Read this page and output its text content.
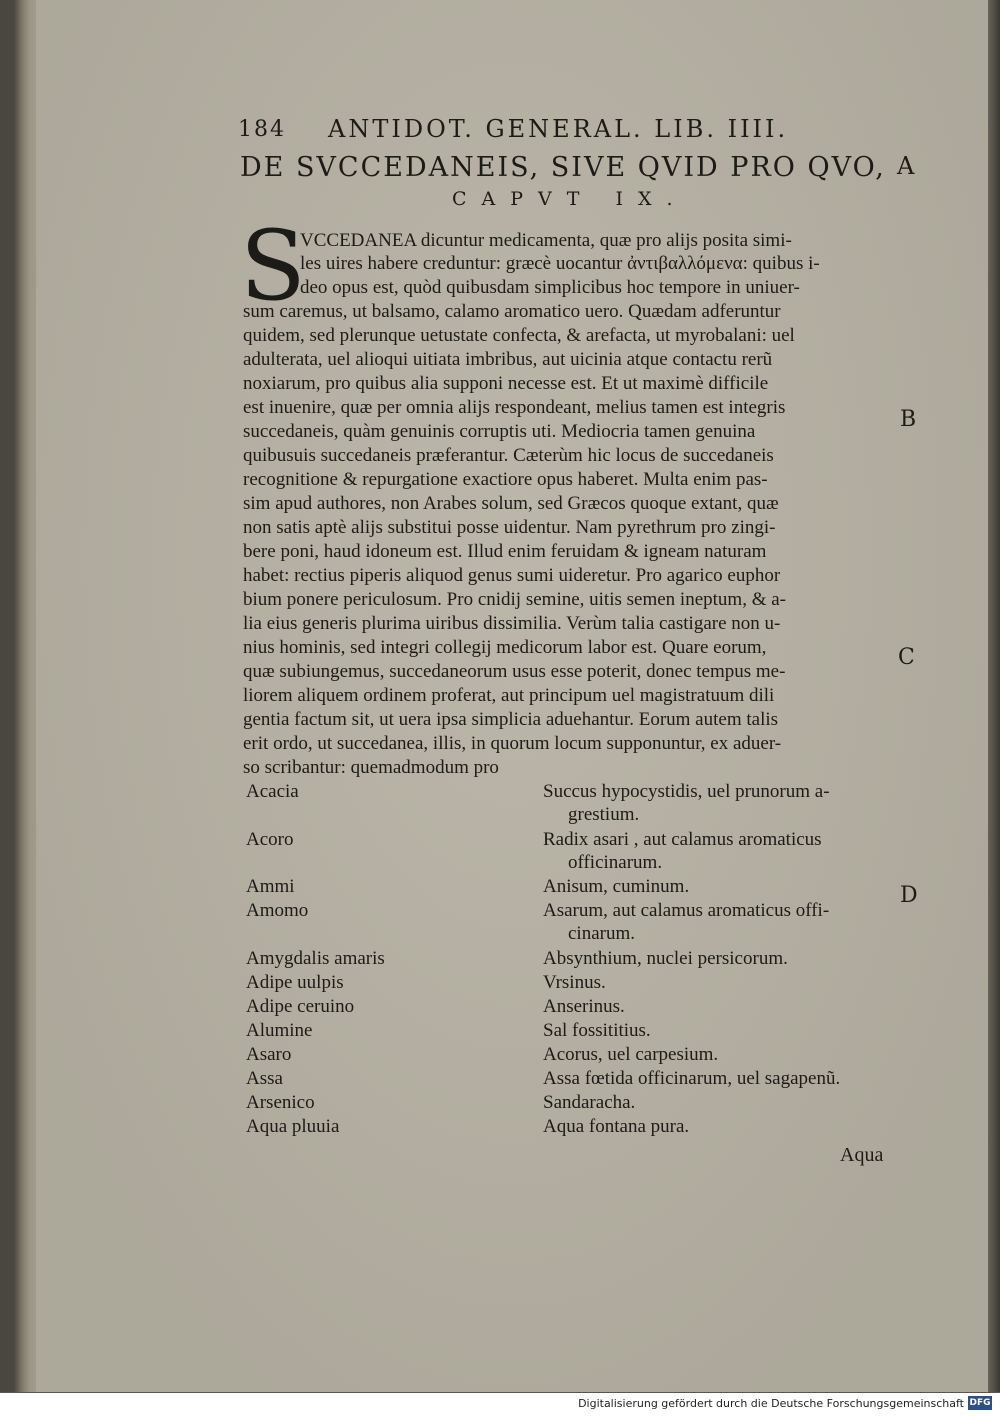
184 ANTIDOT. GENERAL. LIB. IIII.
DE SVCCEDANEIS, SIVE QVID PRO QVO, A
CAPVT IX.
S
VCCEDANEA dicuntur medicamenta, quæ pro alijs posita simi-
les uires habere creduntur: græcè uocantur ἀντιβαλλόμενα: quibus i-
deo opus est, quòd quibusdam simplicibus hoc tempore in uniuer-
sum caremus, ut balsamo, calamo aromatico uero. Quædam adferuntur
quidem, sed plerunque uetustate confecta, & arefacta, ut myrobalani: uel
adulterata, uel alioqui uitiata imbribus, aut uicinia atque contactu rerũ
noxiarum, pro quibus alia supponi necesse est. Et ut maximè difficile
est inuenire, quæ per omnia alijs respondeant, melius tamen est integris
succedaneis, quàm genuinis corruptis uti. Mediocria tamen genuina
quibusuis succedaneis præferantur. Cæterùm hic locus de succedaneis
recognitione & repurgatione exactiore opus haberet. Multa enim pas-
sim apud authores, non Arabes solum, sed Græcos quoque extant, quæ
non satis aptè alijs substitui posse uidentur. Nam pyrethrum pro zingi-
bere poni, haud idoneum est. Illud enim feruidam & igneam naturam
habet: rectius piperis aliquod genus sumi uideretur. Pro agarico euphor
bium ponere periculosum. Pro cnidij semine, uitis semen ineptum, & a-
lia eius generis plurima uiribus dissimilia. Verùm talia castigare non u-
nius hominis, sed integri collegij medicorum labor est. Quare eorum,
quæ subiungemus, succedaneorum usus esse poterit, donec tempus me-
liorem aliquem ordinem proferat, aut principum uel magistratuum dili
gentia factum sit, ut uera ipsa simplicia aduehantur. Eorum autem talis
erit ordo, ut succedanea, illis, in quorum locum supponuntur, ex aduer-
so scribantur: quemadmodum pro
B
C
D
Acacia	Succus hypocystidis, uel prunorum a-
grestium.
Acoro	Radix asari , aut calamus aromaticus
officinarum.
Ammi	Anisum, cuminum.
Amomo	Asarum, aut calamus aromaticus offi-
cinarum.
Amygdalis amaris	Absynthium, nuclei persicorum.
Adipe uulpis	Vrsinus.
Adipe ceruino	Anserinus.
Alumine	Sal fossititius.
Asaro	Acorus, uel carpesium.
Assa	Assa fœtida officinarum, uel sagapenũ.
Arsenico	Sandaracha.
Aqua pluuia	Aqua fontana pura.
Aqua
Digitalisierung gefördert durch die Deutsche Forschungsgemeinschaft DFG
